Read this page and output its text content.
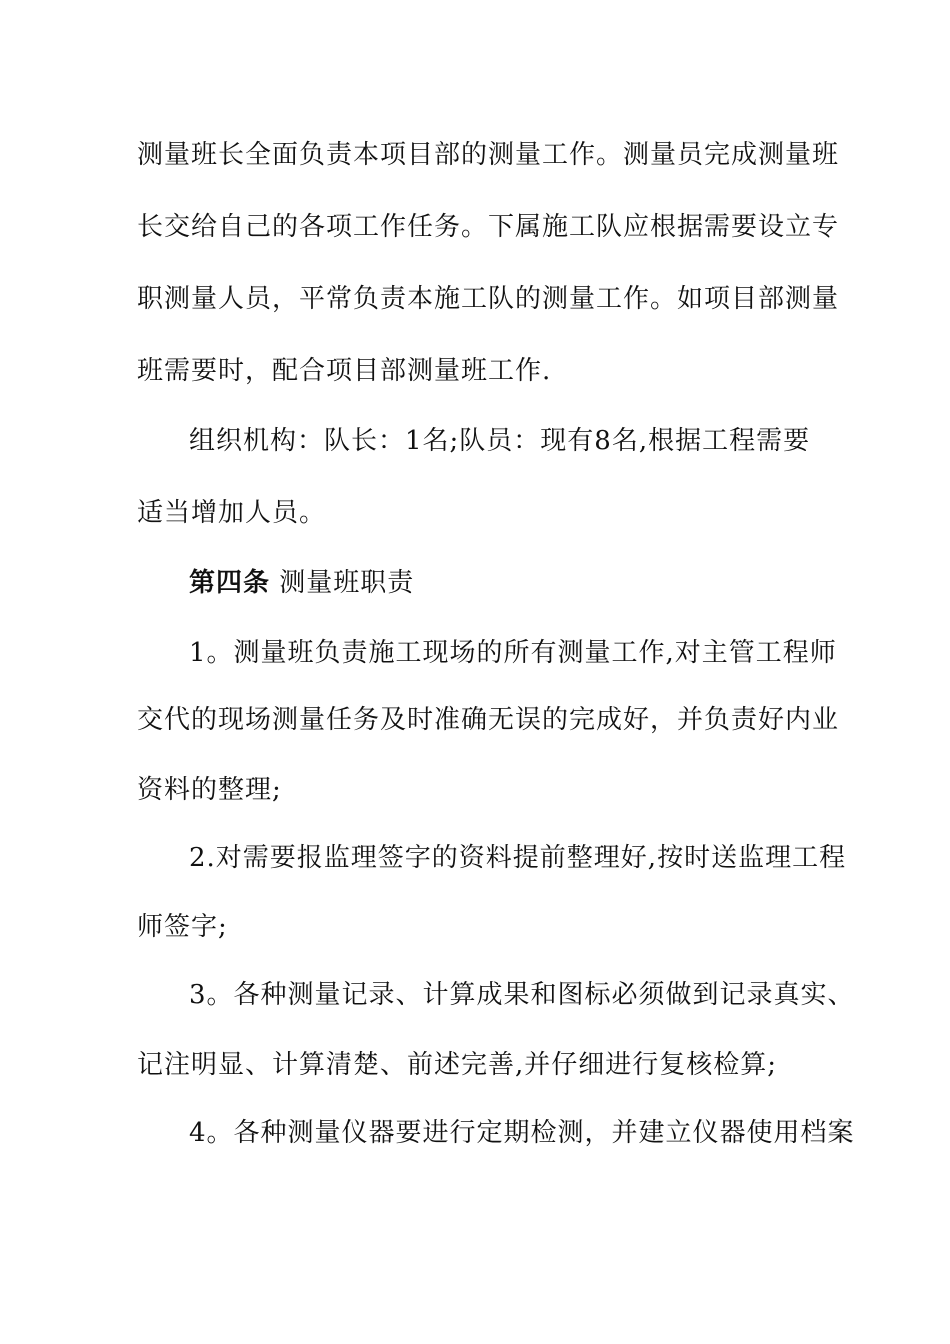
测量班长全面负责本项目部的测量工作。测量员完成测量班

长交给自己的各项工作任务。下属施工队应根据需要设立专

职测量人员，平常负责本施工队的测量工作。如项目部测量

班需要时，配合项目部测量班工作.

组织机构：队长：1名;队员：现有8名,根据工程需要

适当增加人员。

第四条 测量班职责

1。测量班负责施工现场的所有测量工作,对主管工程师

交代的现场测量任务及时准确无误的完成好，并负责好内业

资料的整理;

2.对需要报监理签字的资料提前整理好,按时送监理工程

师签字;

3。各种测量记录、计算成果和图标必须做到记录真实、

记注明显、计算清楚、前述完善,并仔细进行复核检算;

4。各种测量仪器要进行定期检测，并建立仪器使用档案
